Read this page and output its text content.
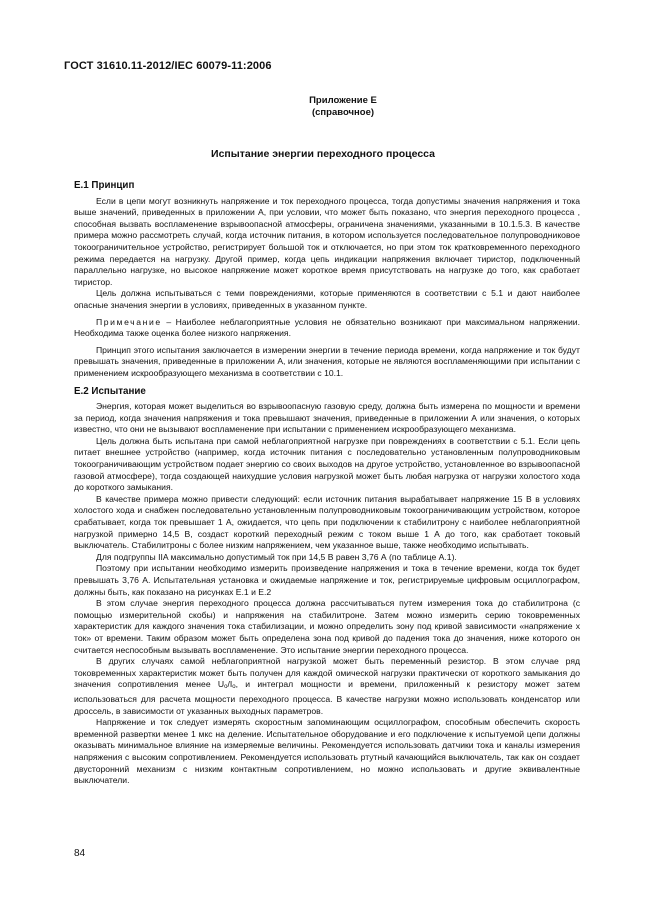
ГОСТ 31610.11-2012/IEC 60079-11:2006
Приложение Е
(справочное)
Испытание энергии переходного процесса
Е.1 Принцип

Если в цепи могут возникнуть напряжение и ток переходного процесса, тогда допустимы значения напряжения и тока выше значений, приведенных в приложении А, при условии, что может быть показано, что энергия переходного процесса , способная вызвать воспламенение взрывоопасной атмосферы, ограничена значениями, указанными в 10.1.5.3. В качестве примера можно рассмотреть случай, когда источник питания, в котором используется последовательное полупроводниковое токоограничительное устройство, регистрирует большой ток и отключается, но при этом ток кратковременного переходного режима передается на нагрузку. Другой пример, когда цепь индикации напряжения включает тиристор, подключенный параллельно нагрузке, но высокое напряжение может короткое время присутствовать на нагрузке до того, как сработает тиристор.

Цель должна испытываться с теми повреждениями, которые применяются в соответствии с 5.1 и дают наиболее опасные значения энергии в условиях, приведенных в указанном пункте.

Примечание – Наиболее неблагоприятные условия не обязательно возникают при максимальном напряжении. Необходима также оценка более низкого напряжения.

Принцип этого испытания заключается в измерении энергии в течение периода времени, когда напряжение и ток будут превышать значения, приведенные в приложении А, или значения, которые не являются воспламеняющими при испытании с применением искрообразующего механизма в соответствии с 10.1.

Е.2 Испытание

Энергия, которая может выделиться во взрывоопасную газовую среду, должна быть измерена по мощности и времени за период, когда значения напряжения и тока превышают значения, приведенные в приложении А или значения, о которых известно, что они не вызывают воспламенение при испытании с применением искрообразующего механизма.

Цель должна быть испытана при самой неблагоприятной нагрузке при повреждениях в соответствии с 5.1. Если цепь питает внешнее устройство (например, когда источник питания с последовательно установленным полупроводниковым токоограничивающим устройством подает энергию со своих выходов на другое устройство, установленное во взрывоопасной газовой атмосфере), тогда создающей наихудшие условия нагрузкой может быть любая нагрузка от нагрузки холостого хода до короткого замыкания.

В качестве примера можно привести следующий: если источник питания вырабатывает напряжение 15 В в условиях холостого хода и снабжен последовательно установленным полупроводниковым токоограничивающим устройством, которое срабатывает, когда ток превышает 1 А, ожидается, что цепь при подключении к стабилитрону с наиболее неблагоприятной нагрузкой примерно 14,5 В, создаст короткий переходный режим с током выше 1 А до того, как сработает токовый выключатель. Стабилитроны с более низким напряжением, чем указанное выше, также необходимо испытывать.

Для подгруппы IIA максимально допустимый ток при 14,5 В равен 3,76 А (по таблице А.1).

Поэтому при испытании необходимо измерить произведение напряжения и тока в течение времени, когда ток будет превышать 3,76 А. Испытательная установка и ожидаемые напряжение и ток, регистрируемые цифровым осциллографом, должны быть, как показано на рисунках Е.1 и Е.2

В этом случае энергия переходного процесса должна рассчитываться путем измерения тока до стабилитрона (с помощью измерительной скобы) и напряжения на стабилитроне. Затем можно измерить серию токовременных характеристик для каждого значения тока стабилизации, и можно определить зону под кривой зависимости «напряжение х ток» от времени. Таким образом может быть определена зона под кривой до падения тока до значения, ниже которого он считается неспособным вызывать воспламенение. Это испытание энергии переходного процесса.

В других случаях самой неблагоприятной нагрузкой может быть переменный резистор. В этом случае ряд токовременных характеристик может быть получен для каждой омической нагрузки практически от короткого замыкания до значения сопротивления менее $U_o/I_o$, и интеграл мощности и времени, приложенный к резистору может затем использоваться для расчета мощности переходного процесса. В качестве нагрузки можно использовать конденсатор или дроссель, в зависимости от указанных выходных параметров.

Напряжение и ток следует измерять скоростным запоминающим осциллографом, способным обеспечить скорость временной развертки менее 1 мкс на деление. Испытательное оборудование и его подключение к испытуемой цепи должны оказывать минимальное влияние на измеряемые величины. Рекомендуется использовать датчики тока и каналы измерения напряжения с высоким сопротивлением. Рекомендуется использовать ртутный качающийся выключатель, так как он создает двусторонний механизм с низким контактным сопротивлением, но можно использовать и другие эквивалентные выключатели.

84
